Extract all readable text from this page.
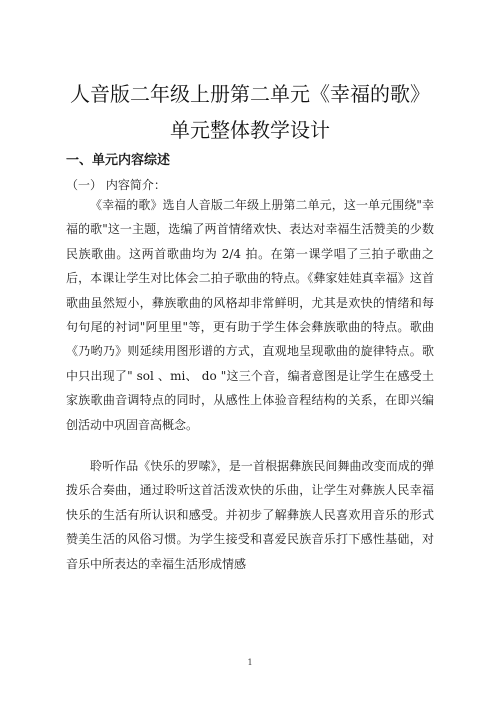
人音版二年级上册第二单元《幸福的歌》
单元整体教学设计
一、单元内容综述
（一） 内容简介：

《幸福的歌》选自人音版二年级上册第二单元，这一单元围绕"幸福的歌"这一主题，选编了两首情绪欢快、表达对幸福生活赞美的少数民族歌曲。这两首歌曲均为 2/4 拍。在第一课学唱了三拍子歌曲之后，本课让学生对比体会二拍子歌曲的特点。《彝家娃娃真幸福》这首歌曲虽然短小，彝族歌曲的风格却非常鲜明，尤其是欢快的情绪和每句句尾的衬词"阿里里"等，更有助于学生体会彝族歌曲的特点。歌曲《乃哟乃》则延续用图形谱的方式，直观地呈现歌曲的旋律特点。歌中只出现了" sol 、mi、 do "这三个音，编者意图是让学生在感受土家族歌曲音调特点的同时，从感性上体验音程结构的关系，在即兴编创活动中巩固音高概念。

聆听作品《快乐的罗嗦》，是一首根据彝族民间舞曲改变而成的弹拨乐合奏曲，通过聆听这首活泼欢快的乐曲，让学生对彝族人民幸福快乐的生活有所认识和感受。并初步了解彝族人民喜欢用音乐的形式赞美生活的风俗习惯。为学生接受和喜爱民族音乐打下感性基础，对音乐中所表达的幸福生活形成情感

1
